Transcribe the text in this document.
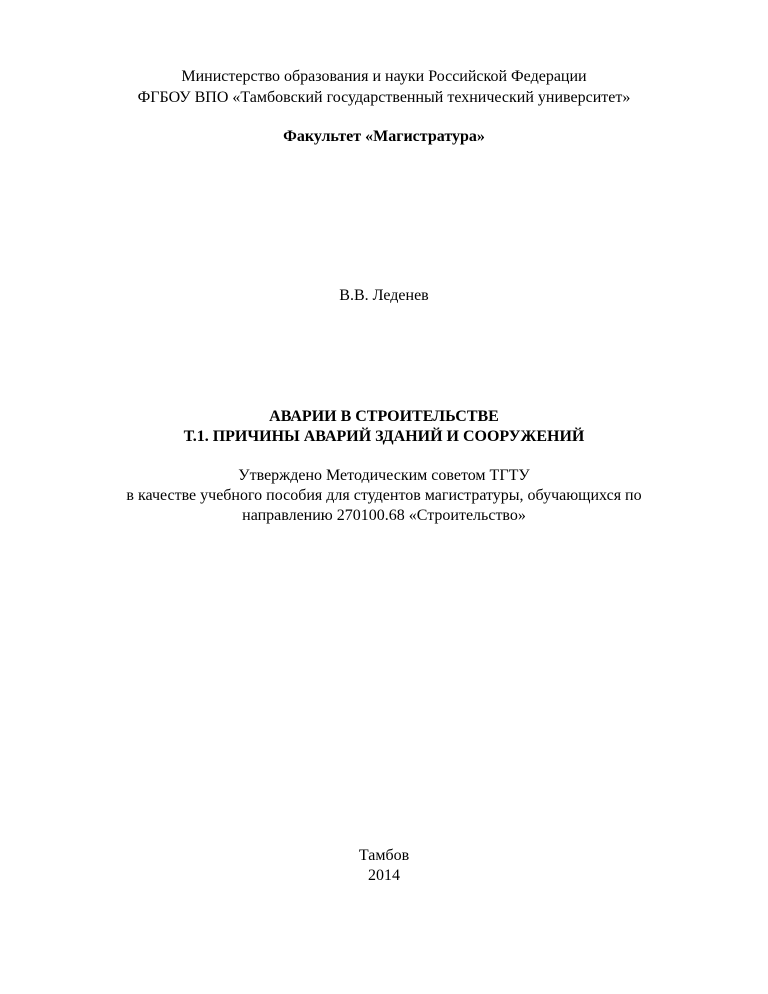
Министерство образования и науки Российской Федерации
ФГБОУ ВПО «Тамбовский государственный технический университет»
Факультет «Магистратура»
В.В. Леденев
АВАРИИ В СТРОИТЕЛЬСТВЕ
Т.1. ПРИЧИНЫ АВАРИЙ ЗДАНИЙ И СООРУЖЕНИЙ
Утверждено Методическим советом ТГТУ
в качестве учебного пособия для студентов магистратуры, обучающихся по
направлению 270100.68 «Строительство»
Тамбов
2014
